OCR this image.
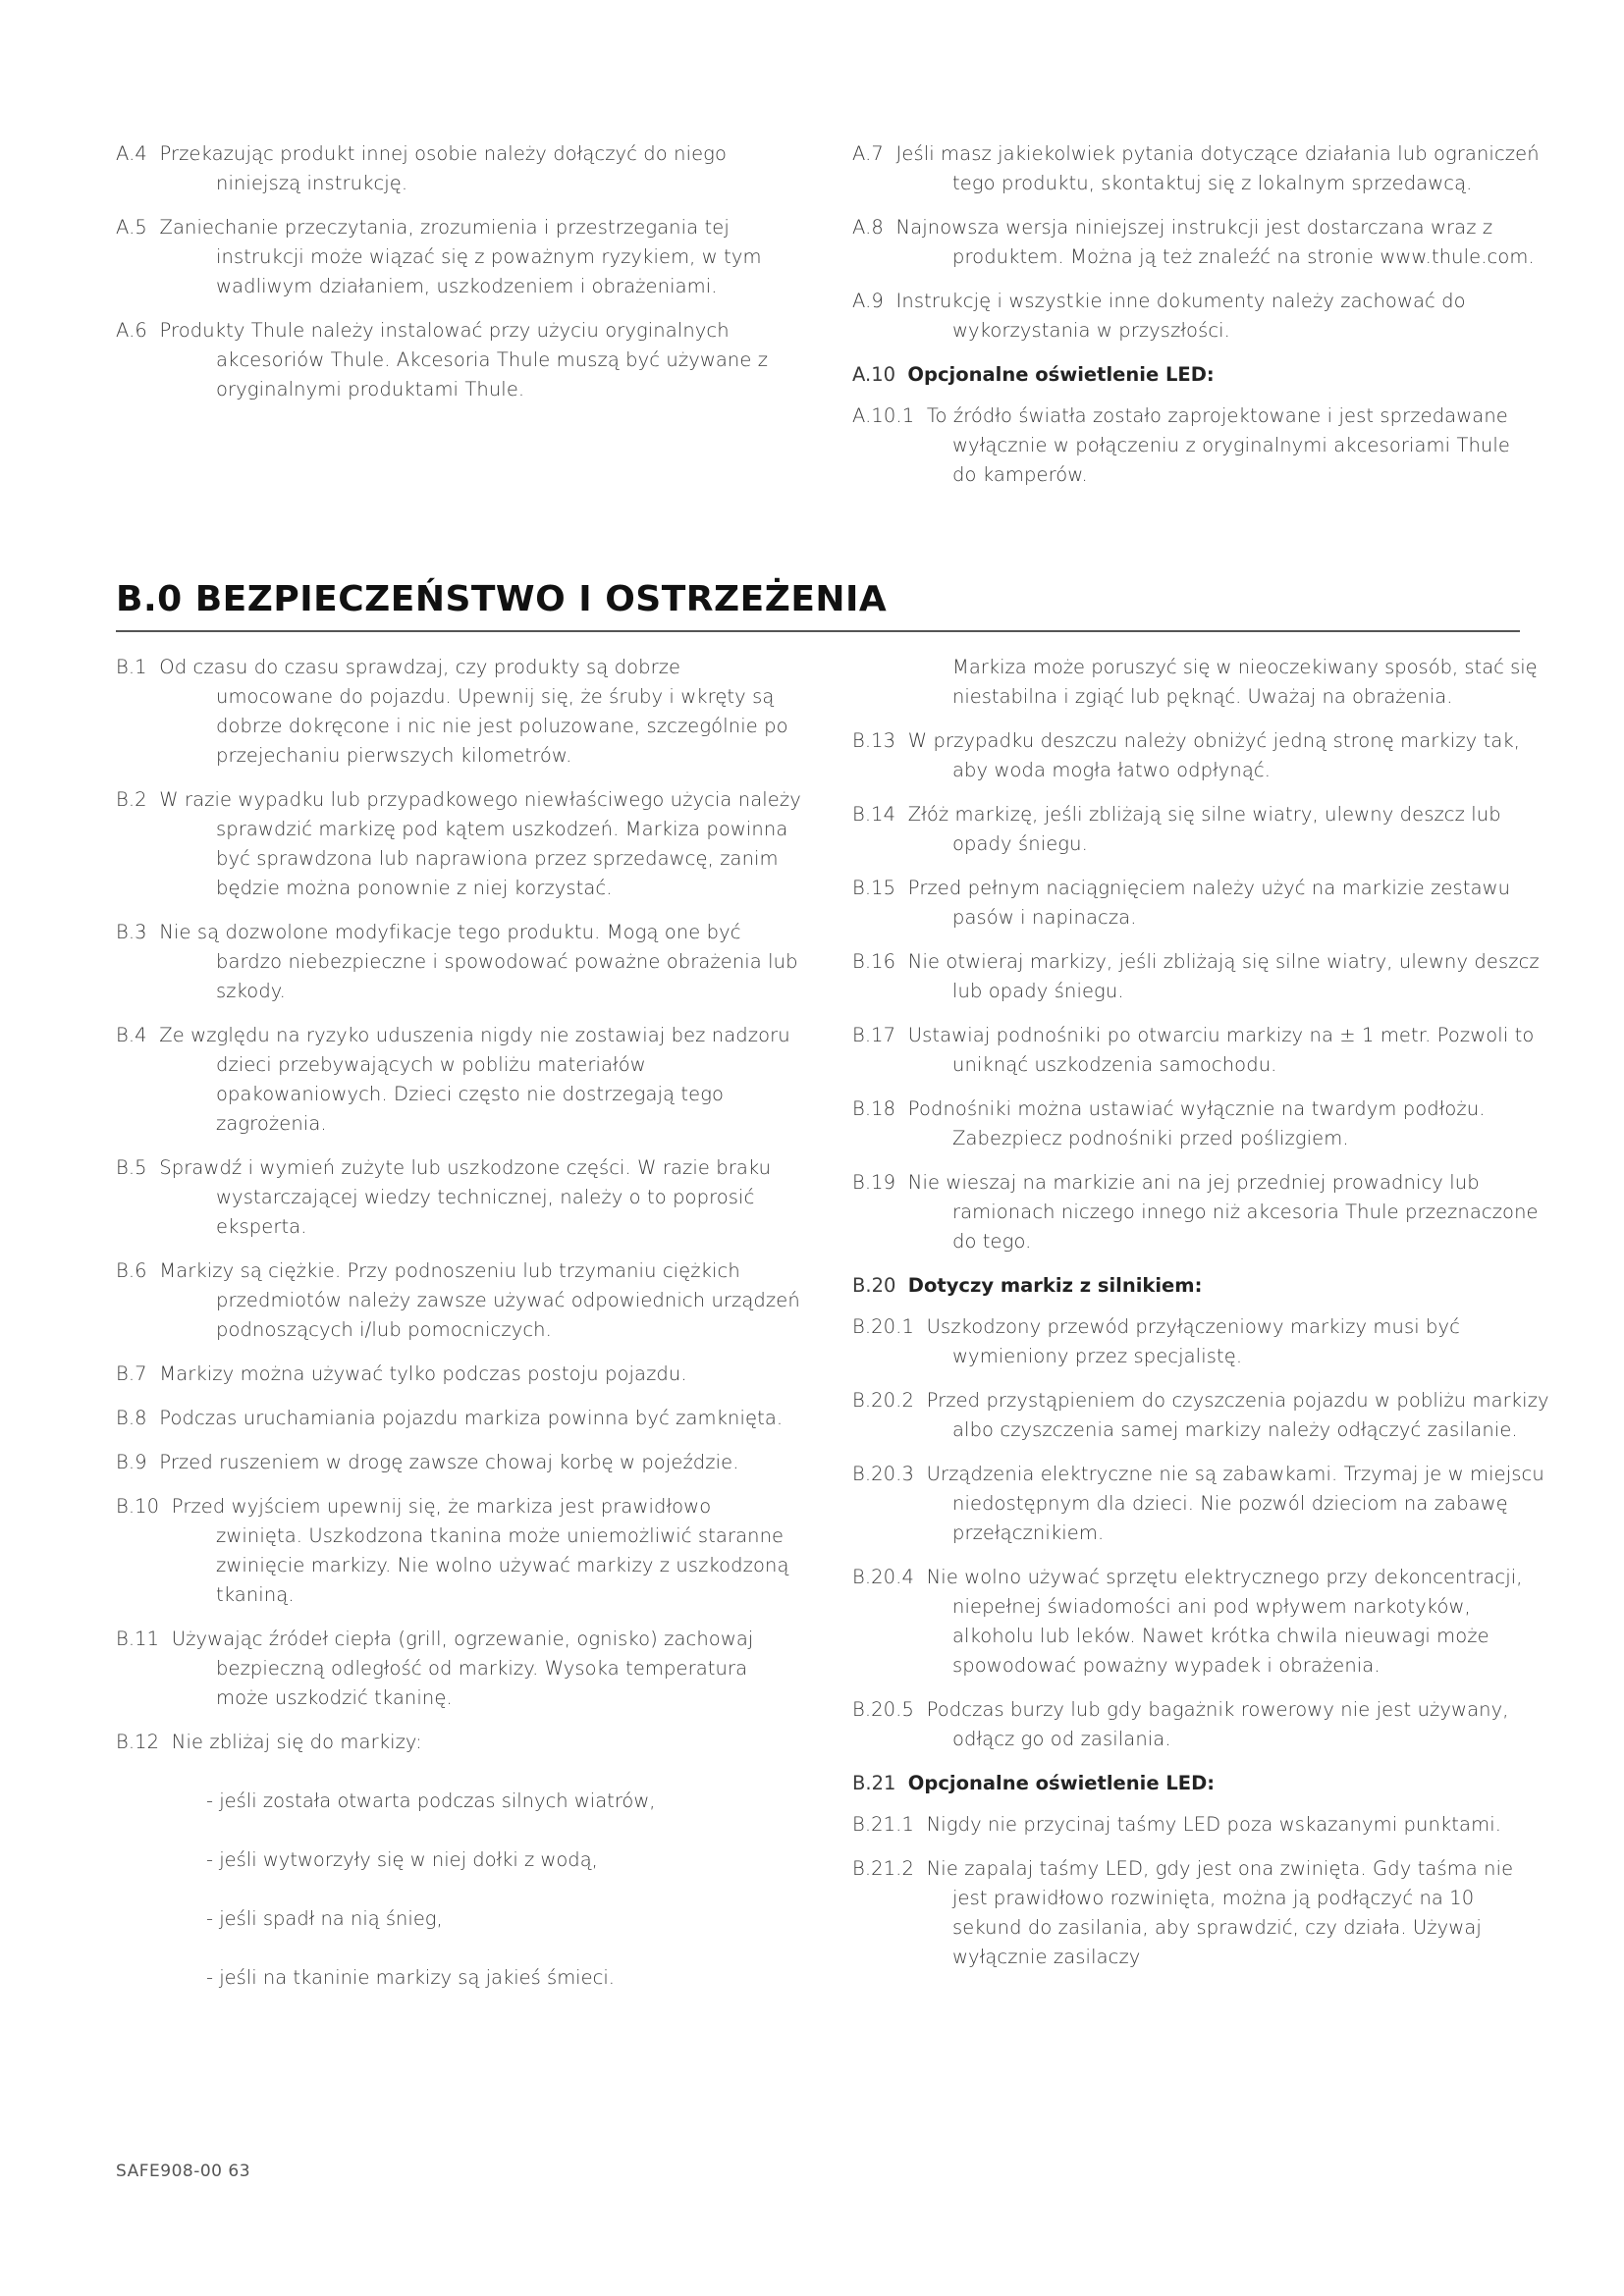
A.4 Przekazując produkt innej osobie należy dołączyć do niego niniejszą instrukcję.
A.5 Zaniechanie przeczytania, zrozumienia i przestrzegania tej instrukcji może wiązać się z poważnym ryzykiem, w tym wadliwym działaniem, uszkodzeniem i obrażeniami.
A.6 Produkty Thule należy instalować przy użyciu oryginalnych akcesoriów Thule. Akcesoria Thule muszą być używane z oryginalnymi produktami Thule.
A.7 Jeśli masz jakiekolwiek pytania dotyczące działania lub ograniczeń tego produktu, skontaktuj się z lokalnym sprzedawcą.
A.8 Najnowsza wersja niniejszej instrukcji jest dostarczana wraz z produktem. Można ją też znaleźć na stronie www.thule.com.
A.9 Instrukcję i wszystkie inne dokumenty należy zachować do wykorzystania w przyszłości.
A.10 Opcjonalne oświetlenie LED:
A.10.1 To źródło światła zostało zaprojektowane i jest sprzedawane wyłącznie w połączeniu z oryginalnymi akcesoriami Thule do kamperów.
B.0 BEZPIECZEŃSTWO I OSTRZEŻENIA
B.1 Od czasu do czasu sprawdzaj, czy produkty są dobrze umocowane do pojazdu. Upewnij się, że śruby i wkręty są dobrze dokręcone i nic nie jest poluzowane, szczególnie po przejechaniu pierwszych kilometrów.
B.2 W razie wypadku lub przypadkowego niewłaściwego użycia należy sprawdzić markizę pod kątem uszkodzeń. Markiza powinna być sprawdzona lub naprawiona przez sprzedawcę, zanim będzie można ponownie z niej korzystać.
B.3 Nie są dozwolone modyfikacje tego produktu. Mogą one być bardzo niebezpieczne i spowodować poważne obrażenia lub szkody.
B.4 Ze względu na ryzyko uduszenia nigdy nie zostawiaj bez nadzoru dzieci przebywających w pobliżu materiałów opakowaniowych. Dzieci często nie dostrzegają tego zagrożenia.
B.5 Sprawdź i wymień zużyte lub uszkodzone części. W razie braku wystarczającej wiedzy technicznej, należy o to poprosić eksperta.
B.6 Markizy są ciężkie. Przy podnoszeniu lub trzymaniu ciężkich przedmiotów należy zawsze używać odpowiednich urządzeń podnoszących i/lub pomocniczych.
B.7 Markizy można używać tylko podczas postoju pojazdu.
B.8 Podczas uruchamiania pojazdu markiza powinna być zamknięta.
B.9 Przed ruszeniem w drogę zawsze chowaj korbę w pojeździe.
B.10 Przed wyjściem upewnij się, że markiza jest prawidłowo zwinięta. Uszkodzona tkanina może uniemożliwić staranne zwinięcie markizy. Nie wolno używać markizy z uszkodzoną tkaniną.
B.11 Używając źródeł ciepła (grill, ogrzewanie, ognisko) zachowaj bezpieczną odległość od markizy. Wysoka temperatura może uszkodzić tkaninę.
B.12 Nie zbliżaj się do markizy:
- jeśli została otwarta podczas silnych wiatrów,
- jeśli wytworzyły się w niej dołki z wodą,
- jeśli spadł na nią śnieg,
- jeśli na tkaninie markizy są jakieś śmieci.
Markiza może poruszyć się w nieoczekiwany sposób, stać się niestabilna i zgiąć lub pęknąć. Uważaj na obrażenia.
B.13 W przypadku deszczu należy obniżyć jedną stronę markizy tak, aby woda mogła łatwo odpłynąć.
B.14 Złóż markizę, jeśli zbliżają się silne wiatry, ulewny deszcz lub opady śniegu.
B.15 Przed pełnym naciągnięciem należy użyć na markizie zestawu pasów i napinacza.
B.16 Nie otwieraj markizy, jeśli zbliżają się silne wiatry, ulewny deszcz lub opady śniegu.
B.17 Ustawiaj podnośniki po otwarciu markizy na ± 1 metr. Pozwoli to uniknąć uszkodzenia samochodu.
B.18 Podnośniki można ustawiać wyłącznie na twardym podłożu. Zabezpiecz podnośniki przed poślizgiem.
B.19 Nie wieszaj na markizie ani na jej przedniej prowadnicy lub ramionach niczego innego niż akcesoria Thule przeznaczone do tego.
B.20 Dotyczy markiz z silnikiem:
B.20.1 Uszkodzony przewód przyłączeniowy markizy musi być wymieniony przez specjalistę.
B.20.2 Przed przystąpieniem do czyszczenia pojazdu w pobliżu markizy albo czyszczenia samej markizy należy odłączyć zasilanie.
B.20.3 Urządzenia elektryczne nie są zabawkami. Trzymaj je w miejscu niedostępnym dla dzieci. Nie pozwól dzieciom na zabawę przełącznikiem.
B.20.4 Nie wolno używać sprzętu elektrycznego przy dekoncentracji, niepełnej świadomości ani pod wpływem narkotyków, alkoholu lub leków. Nawet krótka chwila nieuwagi może spowodować poważny wypadek i obrażenia.
B.20.5 Podczas burzy lub gdy bagażnik rowerowy nie jest używany, odłącz go od zasilania.
B.21 Opcjonalne oświetlenie LED:
B.21.1 Nigdy nie przycinaj taśmy LED poza wskazanymi punktami.
B.21.2 Nie zapalaj taśmy LED, gdy jest ona zwinięta. Gdy taśma nie jest prawidłowo rozwinięta, można ją podłączyć na 10 sekund do zasilania, aby sprawdzić, czy działa. Używaj wyłącznie zasilaczy
SAFE908-00 63
